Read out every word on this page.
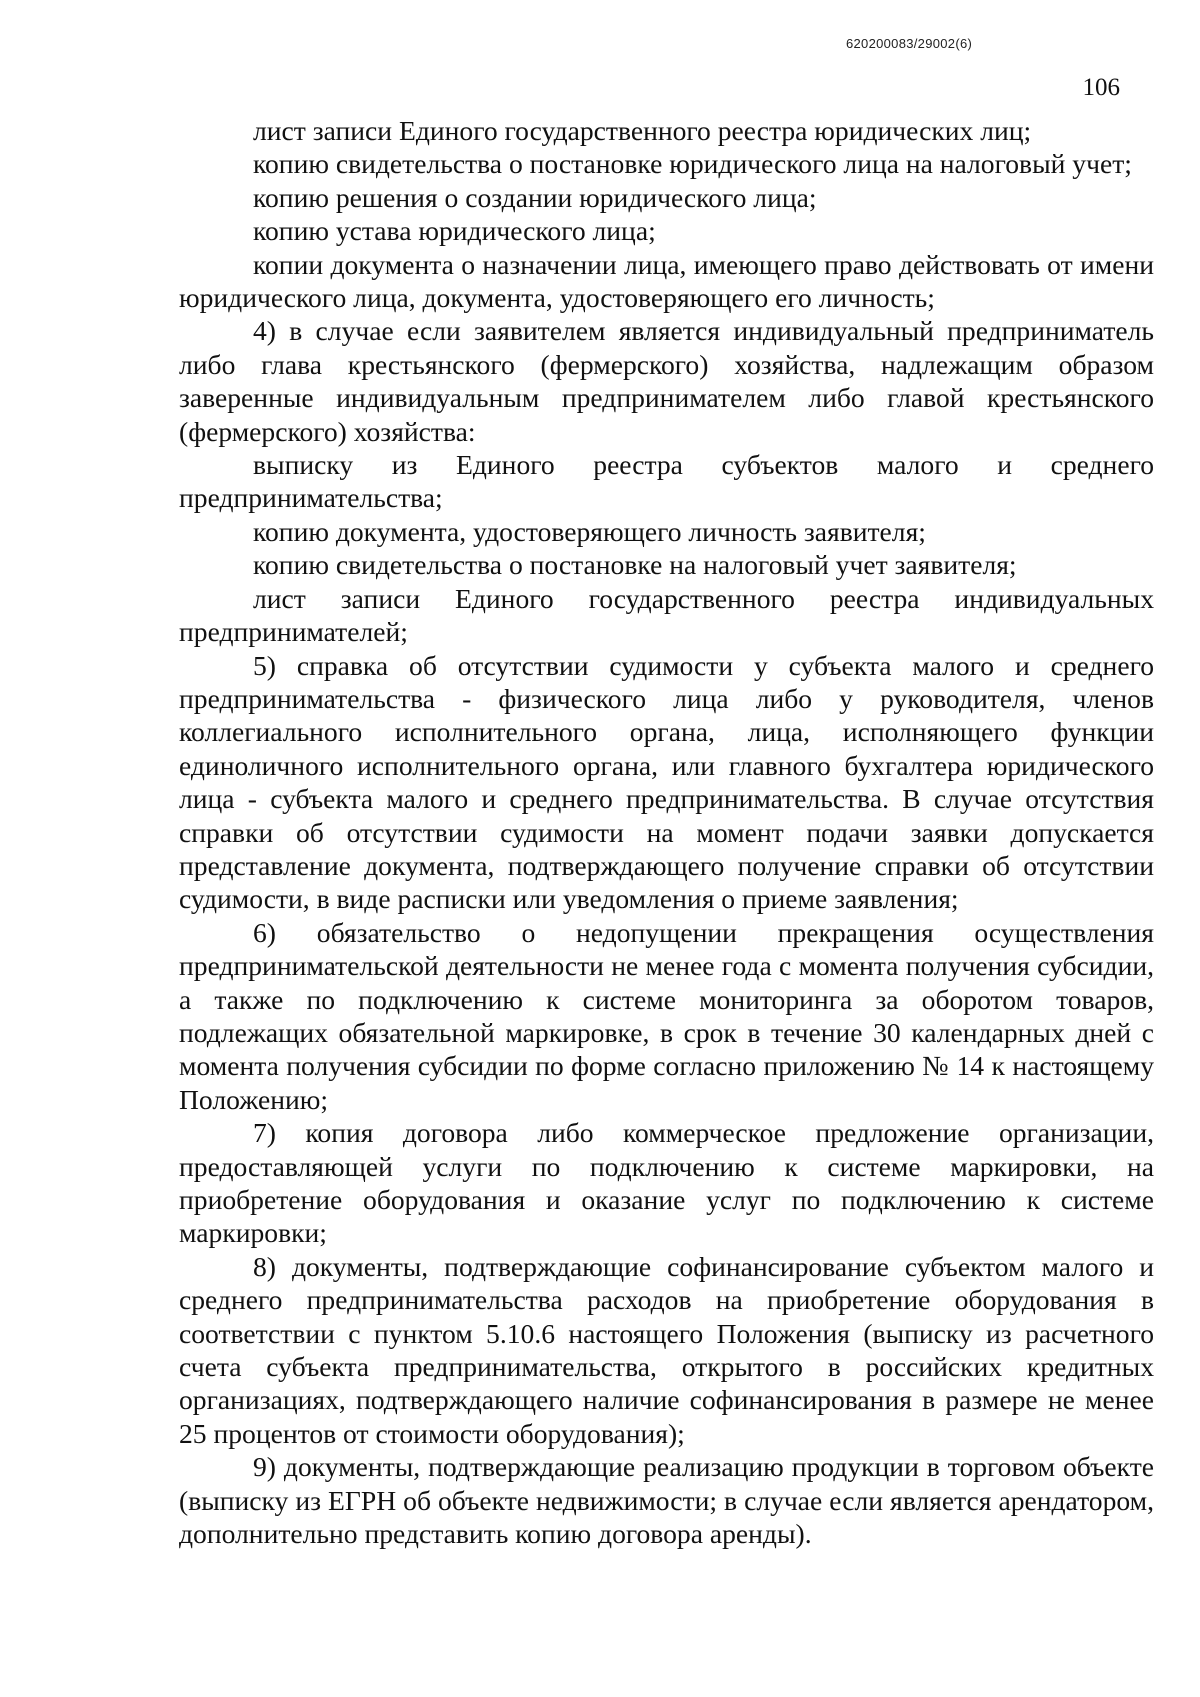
620200083/29002(6)
106

лист записи Единого государственного реестра юридических лиц;

копию свидетельства о постановке юридического лица на налоговый учет;

копию решения о создании юридического лица;

копию устава юридического лица;

копии документа о назначении лица, имеющего право действовать от имени юридического лица, документа, удостоверяющего его личность;

4) в случае если заявителем является индивидуальный предприниматель либо глава крестьянского (фермерского) хозяйства, надлежащим образом заверенные индивидуальным предпринимателем либо главой крестьянского (фермерского) хозяйства:

выписку из Единого реестра субъектов малого и среднего предпринимательства;

копию документа, удостоверяющего личность заявителя;

копию свидетельства о постановке на налоговый учет заявителя;

лист записи Единого государственного реестра индивидуальных предпринимателей;

5) справка об отсутствии судимости у субъекта малого и среднего предпринимательства - физического лица либо у руководителя, членов коллегиального исполнительного органа, лица, исполняющего функции единоличного исполнительного органа, или главного бухгалтера юридического лица - субъекта малого и среднего предпринимательства. В случае отсутствия справки об отсутствии судимости на момент подачи заявки допускается представление документа, подтверждающего получение справки об отсутствии судимости, в виде расписки или уведомления о приеме заявления;

6) обязательство о недопущении прекращения осуществления предпринимательской деятельности не менее года с момента получения субсидии, а также по подключению к системе мониторинга за оборотом товаров, подлежащих обязательной маркировке, в срок в течение 30 календарных дней с момента получения субсидии по форме согласно приложению № 14 к настоящему Положению;

7) копия договора либо коммерческое предложение организации, предоставляющей услуги по подключению к системе маркировки, на приобретение оборудования и оказание услуг по подключению к системе маркировки;

8) документы, подтверждающие софинансирование субъектом малого и среднего предпринимательства расходов на приобретение оборудования в соответствии с пунктом 5.10.6 настоящего Положения (выписку из расчетного счета субъекта предпринимательства, открытого в российских кредитных организациях, подтверждающего наличие софинансирования в размере не менее 25 процентов от стоимости оборудования);

9) документы, подтверждающие реализацию продукции в торговом объекте (выписку из ЕГРН об объекте недвижимости; в случае если является арендатором, дополнительно представить копию договора аренды).
